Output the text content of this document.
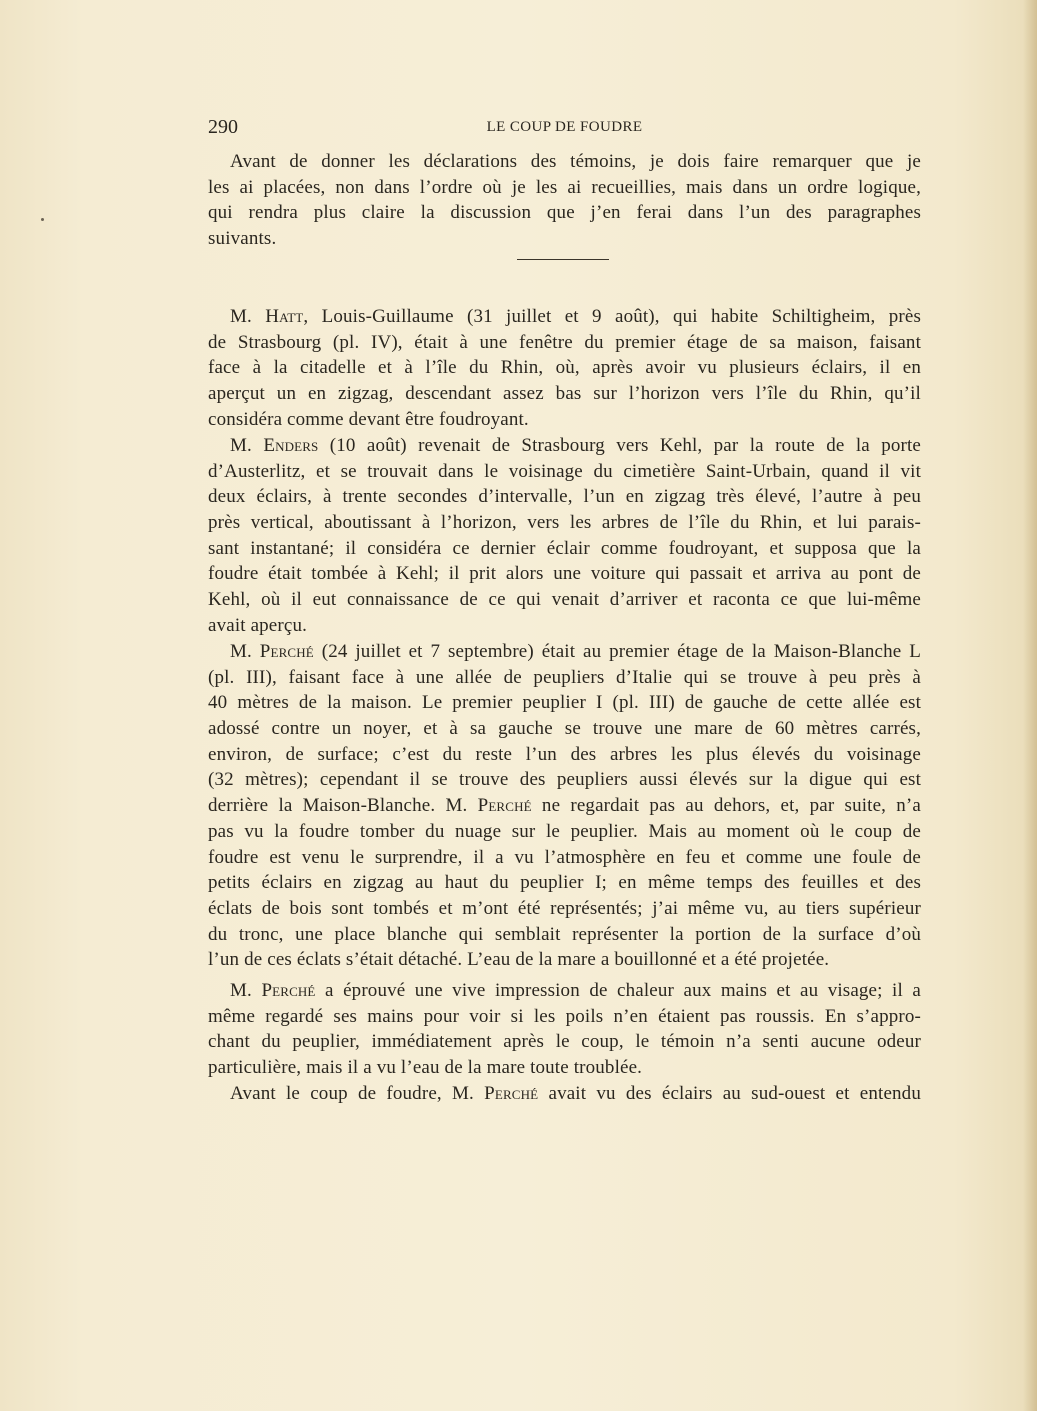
290	LE COUP DE FOUDRE
Avant de donner les déclarations des témoins, je dois faire remarquer que je
les ai placées, non dans l’ordre où je les ai recueillies, mais dans un ordre logique,
qui rendra plus claire la discussion que j’en ferai dans l’un des paragraphes
suivants.
M. Hatt, Louis-Guillaume (31 juillet et 9 août), qui habite Schiltigheim, près
de Strasbourg (pl. IV), était à une fenêtre du premier étage de sa maison, faisant
face à la citadelle et à l’île du Rhin, où, après avoir vu plusieurs éclairs, il en
aperçut un en zigzag, descendant assez bas sur l’horizon vers l’île du Rhin, qu’il
considéra comme devant être foudroyant.
M. Enders (10 août) revenait de Strasbourg vers Kehl, par la route de la porte
d’Austerlitz, et se trouvait dans le voisinage du cimetière Saint-Urbain, quand il vit
deux éclairs, à trente secondes d’intervalle, l’un en zigzag très élevé, l’autre à peu
près vertical, aboutissant à l’horizon, vers les arbres de l’île du Rhin, et lui parais-
sant instantané; il considéra ce dernier éclair comme foudroyant, et supposa que la
foudre était tombée à Kehl; il prit alors une voiture qui passait et arriva au pont de
Kehl, où il eut connaissance de ce qui venait d’arriver et raconta ce que lui-même
avait aperçu.
M. Perché (24 juillet et 7 septembre) était au premier étage de la Maison-Blanche L
(pl. III), faisant face à une allée de peupliers d’Italie qui se trouve à peu près à
40 mètres de la maison. Le premier peuplier I (pl. III) de gauche de cette allée est
adossé contre un noyer, et à sa gauche se trouve une mare de 60 mètres carrés,
environ, de surface; c’est du reste l’un des arbres les plus élevés du voisinage
(32 mètres); cependant il se trouve des peupliers aussi élevés sur la digue qui est
derrière la Maison-Blanche. M. Perché ne regardait pas au dehors, et, par suite, n’a
pas vu la foudre tomber du nuage sur le peuplier. Mais au moment où le coup de
foudre est venu le surprendre, il a vu l’atmosphère en feu et comme une foule de
petits éclairs en zigzag au haut du peuplier I; en même temps des feuilles et des
éclats de bois sont tombés et m’ont été représentés; j’ai même vu, au tiers supérieur
du tronc, une place blanche qui semblait représenter la portion de la surface d’où
l’un de ces éclats s’était détaché. L’eau de la mare a bouillonné et a été projetée.
M. Perché a éprouvé une vive impression de chaleur aux mains et au visage; il a
même regardé ses mains pour voir si les poils n’en étaient pas roussis. En s’appro-
chant du peuplier, immédiatement après le coup, le témoin n’a senti aucune odeur
particulière, mais il a vu l’eau de la mare toute troublée.
Avant le coup de foudre, M. Perché avait vu des éclairs au sud-ouest et entendu
